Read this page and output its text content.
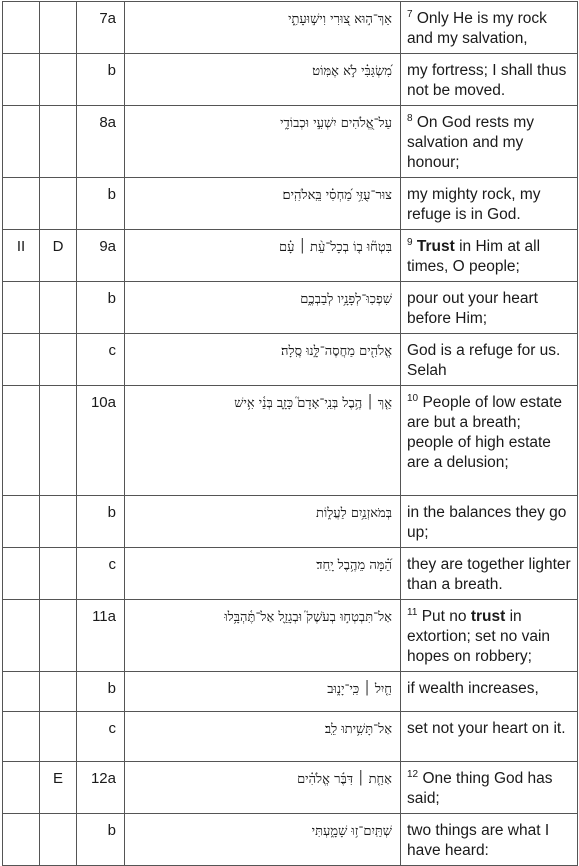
		7a	אַךְ־ה֣וּא צ֭וּרִי וִישׁ֣וּעָתִ֑י	$^7$ Only He is my rock and my salvation,
		b	מִ֝שְׂגַּבִּ֗י לֹ֣א אֶמּֽוֹט׃	my fortress; I shall thus not be moved.
		8a	עַל־אֱ֭לֹהִים יִשְׁעִ֣י וּכְבוֹדִ֑י	$^8$ On God rests my salvation and my honour;
		b	צוּר־עֻזִּ֥י מַ֝חְסִ֗י בֵּֽאלֹהִֽים׃	my mighty rock, my refuge is in God.
II	D	9a	בִּטְח֘וּ ב֤וֹ בְכָל־עֵ֨ת ׀ עָ֗ם	$^9$ Trust in Him at all times, O people;
		b	שִׁפְכֽוּ־לְפָנָ֥יו לְבַבְכֶ֑ם	pour out your heart before Him;
		c	אֱלֹהִ֖ים מַחֲסֶה־לָּ֣נוּ סֶֽלָה׃	God is a refuge for us. Selah
		10a	אַ֤ךְ ׀ הֶ֥בֶל בְּנֵֽי־אָדָם֮ כָּזָ֪ב בְּנֵ֫י אִ֥ישׁ	$^{10}$ People of low estate are but a breath; people of high estate are a delusion;
		b	בְּמֹאזְנַ֥יִם לַעֲל֑וֹת	in the balances they go up;
		c	הֵ֝֗מָּה מֵהֶ֥בֶל יָֽחַד׃	they are together lighter than a breath.
		11a	אַל־תִּבְטְח֣וּ בְעֹשֶׁק֮ וּבְגָזֵ֪ל אַל־תֶּ֫הְבָּ֥לוּ	$^{11}$ Put no trust in extortion; set no vain hopes on robbery;
		b	חַ֤יִל ׀ כִּֽי־יָנ֑וּב	if wealth increases,
		c	אַל־תָּשִׁ֥יתוּ לֵֽב׃	set not your heart on it.
	E	12a	אַחַ֤ת ׀ דִּבֶּ֬ר אֱלֹהִ֗ים	$^{12}$ One thing God has said;
		b	שְׁתַּֽיִם־ז֥וּ שָׁמָ֑עְתִּי	two things are what I have heard:
